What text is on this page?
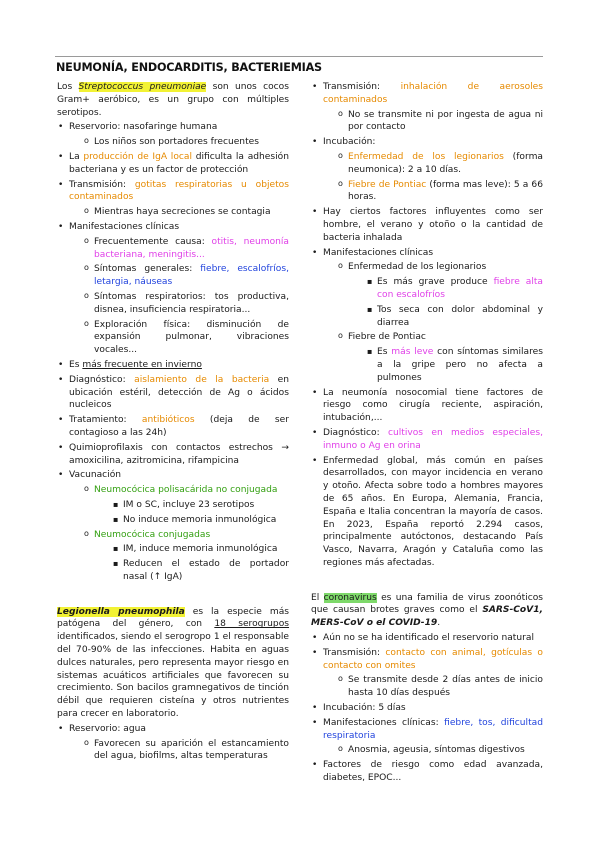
NEUMONÍA, ENDOCARDITIS, BACTERIEMIAS
Los Streptococcus pneumoniae son unos cocos Gram+ aeróbico, es un grupo con múltiples serotipos.
• Reservorio: nasofaringe humana
o Los niños son portadores frecuentes
• La producción de IgA local dificulta la adhesión bacteriana y es un factor de protección
• Transmisión: gotitas respiratorias u objetos contaminados
o Mientras haya secreciones se contagia
• Manifestaciones clínicas
o Frecuentemente causa: otitis, neumonía bacteriana, meningitis...
o Síntomas generales: fiebre, escalofríos, letargia, náuseas
o Síntomas respiratorios: tos productiva, disnea, insuficiencia respiratoria...
o Exploración física: disminución de expansión pulmonar, vibraciones vocales...
• Es más frecuente en invierno
• Diagnóstico: aislamiento de la bacteria en ubicación estéril, detección de Ag o ácidos nucleicos
• Tratamiento: antibióticos (deja de ser contagioso a las 24h)
• Quimioprofilaxis con contactos estrechos → amoxicilina, azitromicina, rifampicina
• Vacunación
o Neumocócica polisacárida no conjugada
▪ IM o SC, incluye 23 serotipos
▪ No induce memoria inmunológica
o Neumocócica conjugadas
▪ IM, induce memoria inmunológica
▪ Reducen el estado de portador nasal (↑ IgA)
Legionella pneumophila es la especie más patógena del género, con 18 serogrupos identificados, siendo el serogropo 1 el responsable del 70-90% de las infecciones. Habita en aguas dulces naturales, pero representa mayor riesgo en sistemas acuáticos artificiales que favorecen su crecimiento. Son bacilos gramnegativos de tinción débil que requieren cisteína y otros nutrientes para crecer en laboratorio.
• Reservorio: agua
o Favorecen su aparición el estancamiento del agua, biofilms, altas temperaturas
• Transmisión: inhalación de aerosoles contaminados
o No se transmite ni por ingesta de agua ni por contacto
• Incubación:
o Enfermedad de los legionarios (forma neumonica): 2 a 10 días.
o Fiebre de Pontiac (forma mas leve): 5 a 66 horas.
• Hay ciertos factores influyentes como ser hombre, el verano y otoño o la cantidad de bacteria inhalada
• Manifestaciones clínicas
o Enfermedad de los legionarios
▪ Es más grave produce fiebre alta con escalofríos
▪ Tos seca con dolor abdominal y diarrea
o Fiebre de Pontiac
▪ Es más leve con síntomas similares a la gripe pero no afecta a pulmones
• La neumonía nosocomial tiene factores de riesgo como cirugía reciente, aspiración, intubación,...
• Diagnóstico: cultivos en medios especiales, inmuno o Ag en orina
• Enfermedad global, más común en países desarrollados, con mayor incidencia en verano y otoño. Afecta sobre todo a hombres mayores de 65 años. En Europa, Alemania, Francia, España e Italia concentran la mayoría de casos. En 2023, España reportó 2.294 casos, principalmente autóctonos, destacando País Vasco, Navarra, Aragón y Cataluña como las regiones más afectadas.
El coronavirus es una familia de virus zoonóticos que causan brotes graves como el SARS-CoV1, MERS-CoV o el COVID-19.
• Aún no se ha identificado el reservorio natural
• Transmisión: contacto con animal, gotículas o contacto con omites
o Se transmite desde 2 días antes de inicio hasta 10 días después
• Incubación: 5 días
• Manifestaciones clínicas: fiebre, tos, dificultad respiratoria
o Anosmia, ageusia, síntomas digestivos
• Factores de riesgo como edad avanzada, diabetes, EPOC...
